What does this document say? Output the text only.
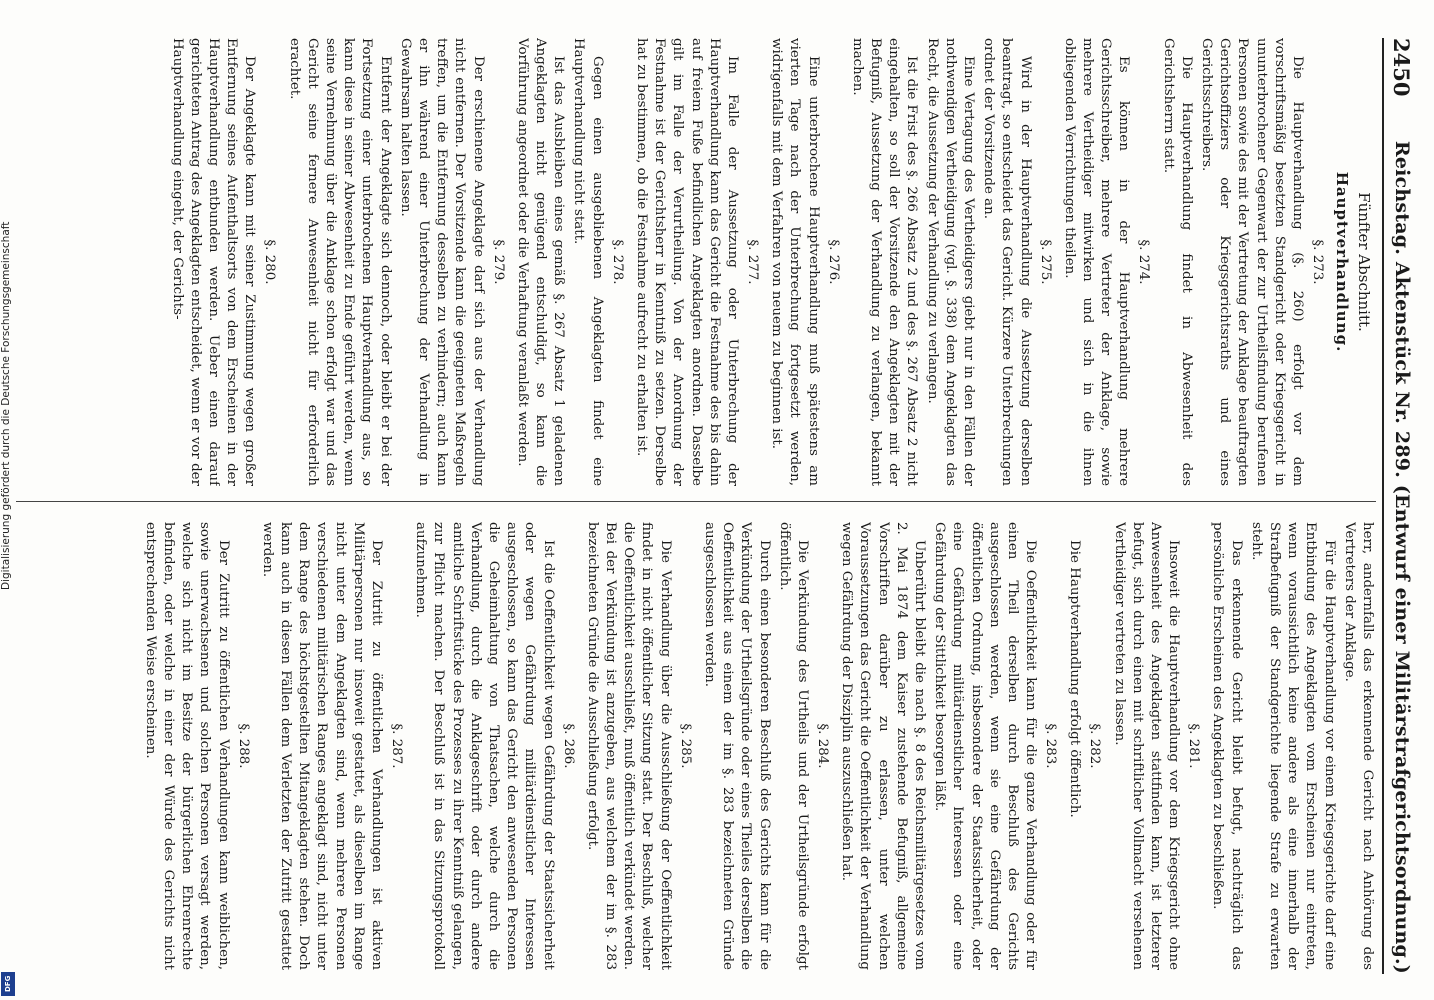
2450
Reichstag. Aktenstück Nr. 289. (Entwurf einer Militärstrafgerichtsordnung.)
Fünfter Abschnitt.
Hauptverhandlung.
§. 273.

Die Hauptverhandlung (§. 260) erfolgt vor dem vorschriftsmäßig besetzten Standgericht oder Kriegsgericht in ununterbrochener Gegenwart der zur Urtheilsfindung berufenen Personen sowie des mit der Vertretung der Anklage beauftragten Gerichtsoffiziers oder Kriegsgerichtsraths und eines Gerichtsschreibers.

Die Hauptverhandlung findet in Abwesenheit des Gerichtsherrn statt.

§. 274.

Es können in der Hauptverhandlung mehrere Gerichtsschreiber, mehrere Vertreter der Anklage, sowie mehrere Vertheidiger mitwirken und sich in die ihnen obliegenden Verrichtungen theilen.

§. 275.

Wird in der Hauptverhandlung die Aussetzung derselben beantragt, so entscheidet das Gericht. Kürzere Unterbrechungen ordnet der Vorsitzende an.

Eine Vertagung des Vertheidigers giebt nur in den Fällen der nothwendigen Vertheidigung (vgl. §. 338) dem Angeklagten das Recht, die Aussetzung der Verhandlung zu verlangen.

Ist die Frist des §. 266 Absatz 2 und des §. 267 Absatz 2 nicht eingehalten, so soll der Vorsitzende den Angeklagten mit der Befugniß, Aussetzung der Verhandlung zu verlangen, bekannt machen.

§. 276.

Eine unterbrochene Hauptverhandlung muß spätestens am vierten Tage nach der Unterbrechung fortgesetzt werden, widrigenfalls mit dem Verfahren von neuem zu beginnen ist.

§. 277.

Im Falle der Aussetzung oder Unterbrechung der Hauptverhandlung kann das Gericht die Festnahme des bis dahin auf freiem Fuße befindlichen Angeklagten anordnen. Dasselbe gilt im Falle der Verurtheilung. Von der Anordnung der Festnahme ist der Gerichtsherr in Kenntniß zu setzen. Derselbe hat zu bestimmen, ob die Festnahme aufrecht zu erhalten ist.

§. 278.

Gegen einen ausgebliebenen Angeklagten findet eine Hauptverhandlung nicht statt.

Ist das Ausbleiben eines gemäß §. 267 Absatz 1 geladenen Angeklagten nicht genügend entschuldigt, so kann die Vorführung angeordnet oder die Verhaftung veranlaßt werden.

§. 279.

Der erschienene Angeklagte darf sich aus der Verhandlung nicht entfernen. Der Vorsitzende kann die geeigneten Maßregeln treffen, um die Entfernung desselben zu verhindern; auch kann er ihn während einer Unterbrechung der Verhandlung in Gewahrsam halten lassen.

Entfernt der Angeklagte sich dennoch, oder bleibt er bei der Fortsetzung einer unterbrochenen Hauptverhandlung aus, so kann diese in seiner Abwesenheit zu Ende geführt werden, wenn seine Vernehmung über die Anklage schon erfolgt war und das Gericht seine fernere Anwesenheit nicht für erforderlich erachtet.

§. 280.

Der Angeklagte kann mit seiner Zustimmung wegen großer Entfernung seines Aufenthaltsorts von dem Erscheinen in der Hauptverhandlung entbunden werden. Ueber einen darauf gerichteten Antrag des Angeklagten entscheidet, wenn er vor der Hauptverhandlung eingeht, der Gerichts-

herr, andernfalls das erkennende Gericht nach Anhörung des Vertreters der Anklage.

Für die Hauptverhandlung vor einem Kriegsgerichte darf eine Entbindung des Angeklagten vom Erscheinen nur eintreten, wenn voraussichtlich keine andere als eine innerhalb der Strafbefugniß der Standgerichte liegende Strafe zu erwarten steht.

Das erkennende Gericht bleibt befugt, nachträglich das persönliche Erscheinen des Angeklagten zu beschließen.

§. 281.

Insoweit die Hauptverhandlung vor dem Kriegsgericht ohne Anwesenheit des Angeklagten stattfinden kann, ist letzterer befugt, sich durch einen mit schriftlicher Vollmacht versehenen Vertheidiger vertreten zu lassen.

§. 282.

Die Hauptverhandlung erfolgt öffentlich.

§. 283.

Die Oeffentlichkeit kann für die ganze Verhandlung oder für einen Theil derselben durch Beschluß des Gerichts ausgeschlossen werden, wenn sie eine Gefährdung der öffentlichen Ordnung, insbesondere der Staatssicherheit, oder eine Gefährdung militärdienstlicher Interessen oder eine Gefährdung der Sittlichkeit besorgen läßt.

Unberührt bleibt die nach §. 8 des Reichsmilitärgesetzes vom 2. Mai 1874 dem Kaiser zustehende Befugniß, allgemeine Vorschriften darüber zu erlassen, unter welchen Voraussetzungen das Gericht die Oeffentlichkeit der Verhandlung wegen Gefährdung der Disziplin auszuschließen hat.

§. 284.

Die Verkündung des Urtheils und der Urtheilsgründe erfolgt öffentlich.

Durch einen besonderen Beschluß des Gerichts kann für die Verkündung der Urtheilsgründe oder eines Theiles derselben die Oeffentlichkeit aus einem der im §. 283 bezeichneten Gründe ausgeschlossen werden.

§. 285.

Die Verhandlung über die Ausschließung der Oeffentlichkeit findet in nicht öffentlicher Sitzung statt. Der Beschluß, welcher die Oeffentlichkeit ausschließt, muß öffentlich verkündet werden. Bei der Verkündung ist anzugeben, aus welchem der im §. 283 bezeichneten Gründe die Ausschließung erfolgt.

§. 286.

Ist die Oeffentlichkeit wegen Gefährdung der Staatssicherheit oder wegen Gefährdung militärdienstlicher Interessen ausgeschlossen, so kann das Gericht den anwesenden Personen die Geheimhaltung von Thatsachen, welche durch die Verhandlung, durch die Anklageschrift oder durch andere amtliche Schriftstücke des Prozesses zu ihrer Kenntniß gelangen, zur Pflicht machen. Der Beschluß ist in das Sitzungsprotokoll aufzunehmen.

§. 287.

Der Zutritt zu öffentlichen Verhandlungen ist aktiven Militärpersonen nur insoweit gestattet, als dieselben im Range nicht unter dem Angeklagten sind, wenn mehrere Personen verschiedenen militärischen Ranges angeklagt sind, nicht unter dem Range des höchstgestellten Mitangeklagten stehen. Doch kann auch in diesen Fällen dem Verletzten der Zutritt gestattet werden.

§. 288.

Der Zutritt zu öffentlichen Verhandlungen kann weiblichen, sowie unerwachsenen und solchen Personen versagt werden, welche sich nicht im Besitze der bürgerlichen Ehrenrechte befinden, oder welche in einer der Würde des Gerichts nicht entsprechenden Weise erscheinen.

Digitalisierung gefördert durch die Deutsche Forschungsgemeinschaft
DFG
